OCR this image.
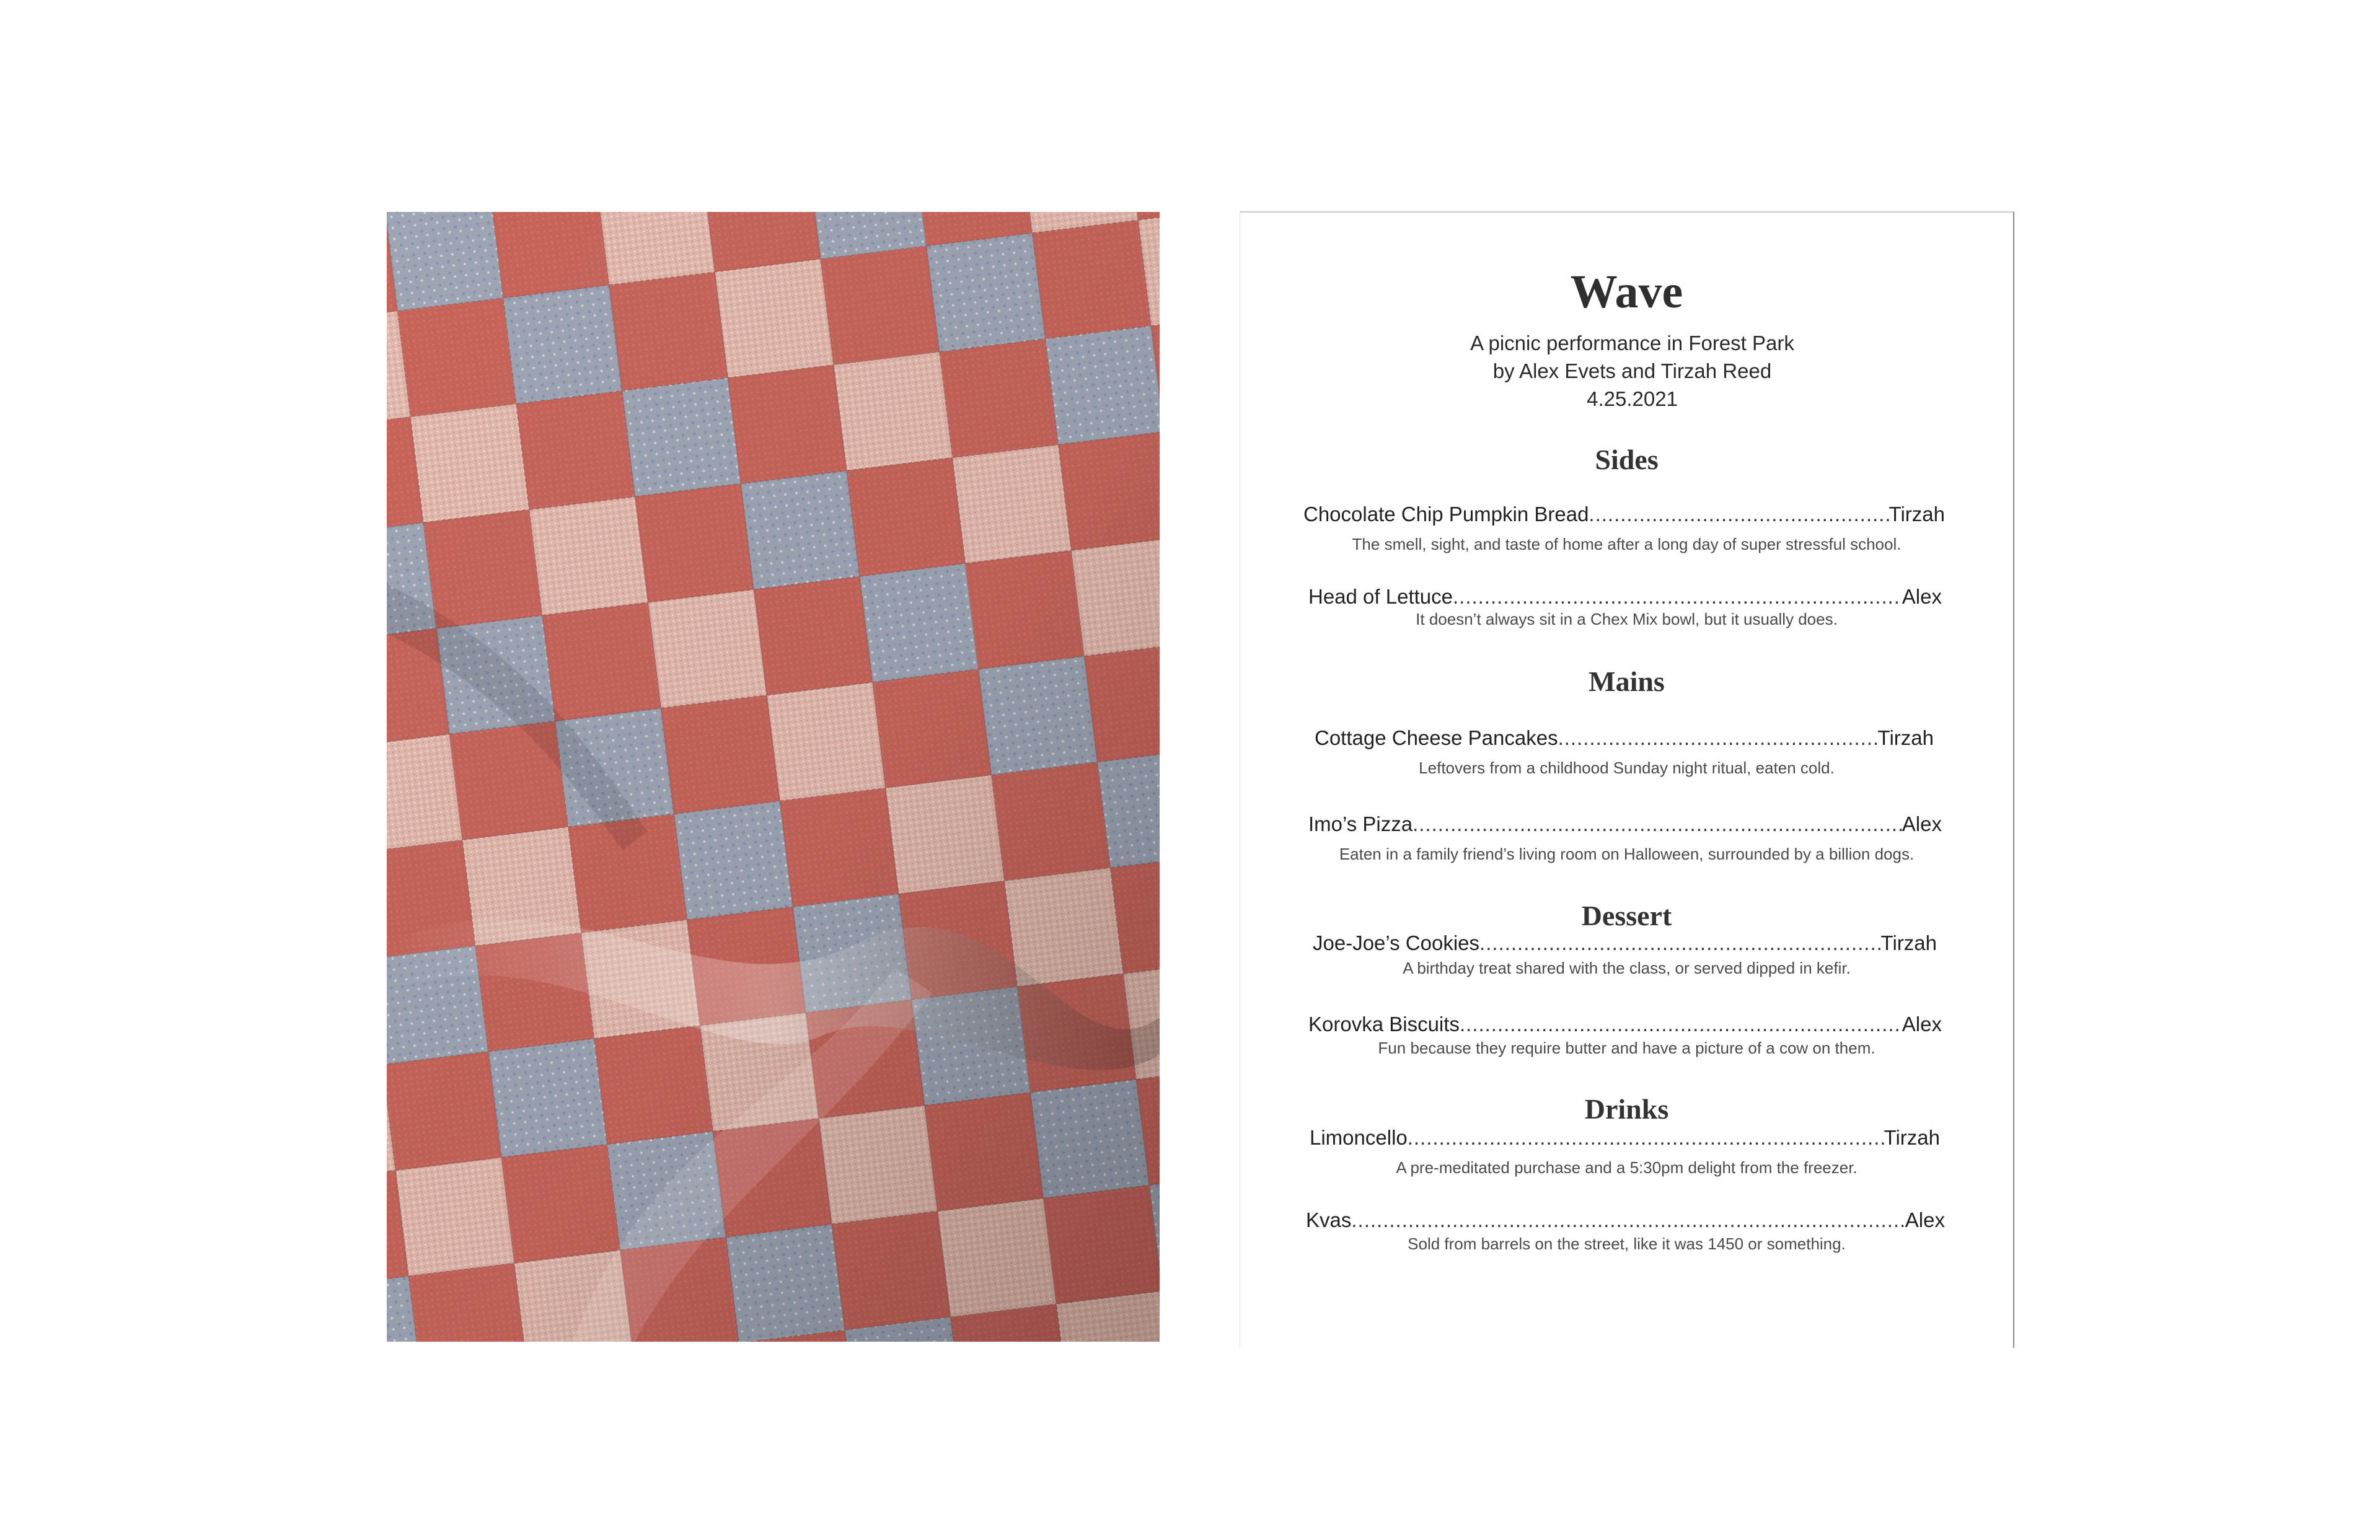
Wave
A picnic performance in Forest Park
by Alex Evets and Tirzah Reed
4.25.2021
Sides
Chocolate Chip Pumpkin Bread .....	Tirzah
The smell, sight, and taste of home after a long day of super stressful school.
Head of Lettuce .....	Alex
It doesn’t always sit in a Chex Mix bowl, but it usually does.
Mains
Cottage Cheese Pancakes .....	Tirzah
Leftovers from a childhood Sunday night ritual, eaten cold.
Imo’s Pizza .....	Alex
Eaten in a family friend’s living room on Halloween, surrounded by a billion dogs.
Dessert
Joe-Joe’s Cookies .....	Tirzah
A birthday treat shared with the class, or served dipped in kefir.
Korovka Biscuits .....	Alex
Fun because they require butter and have a picture of a cow on them.
Drinks
Limoncello .....	Tirzah
A pre-meditated purchase and a 5:30pm delight from the freezer.
Kvas .....	Alex
Sold from barrels on the street, like it was 1450 or something.
